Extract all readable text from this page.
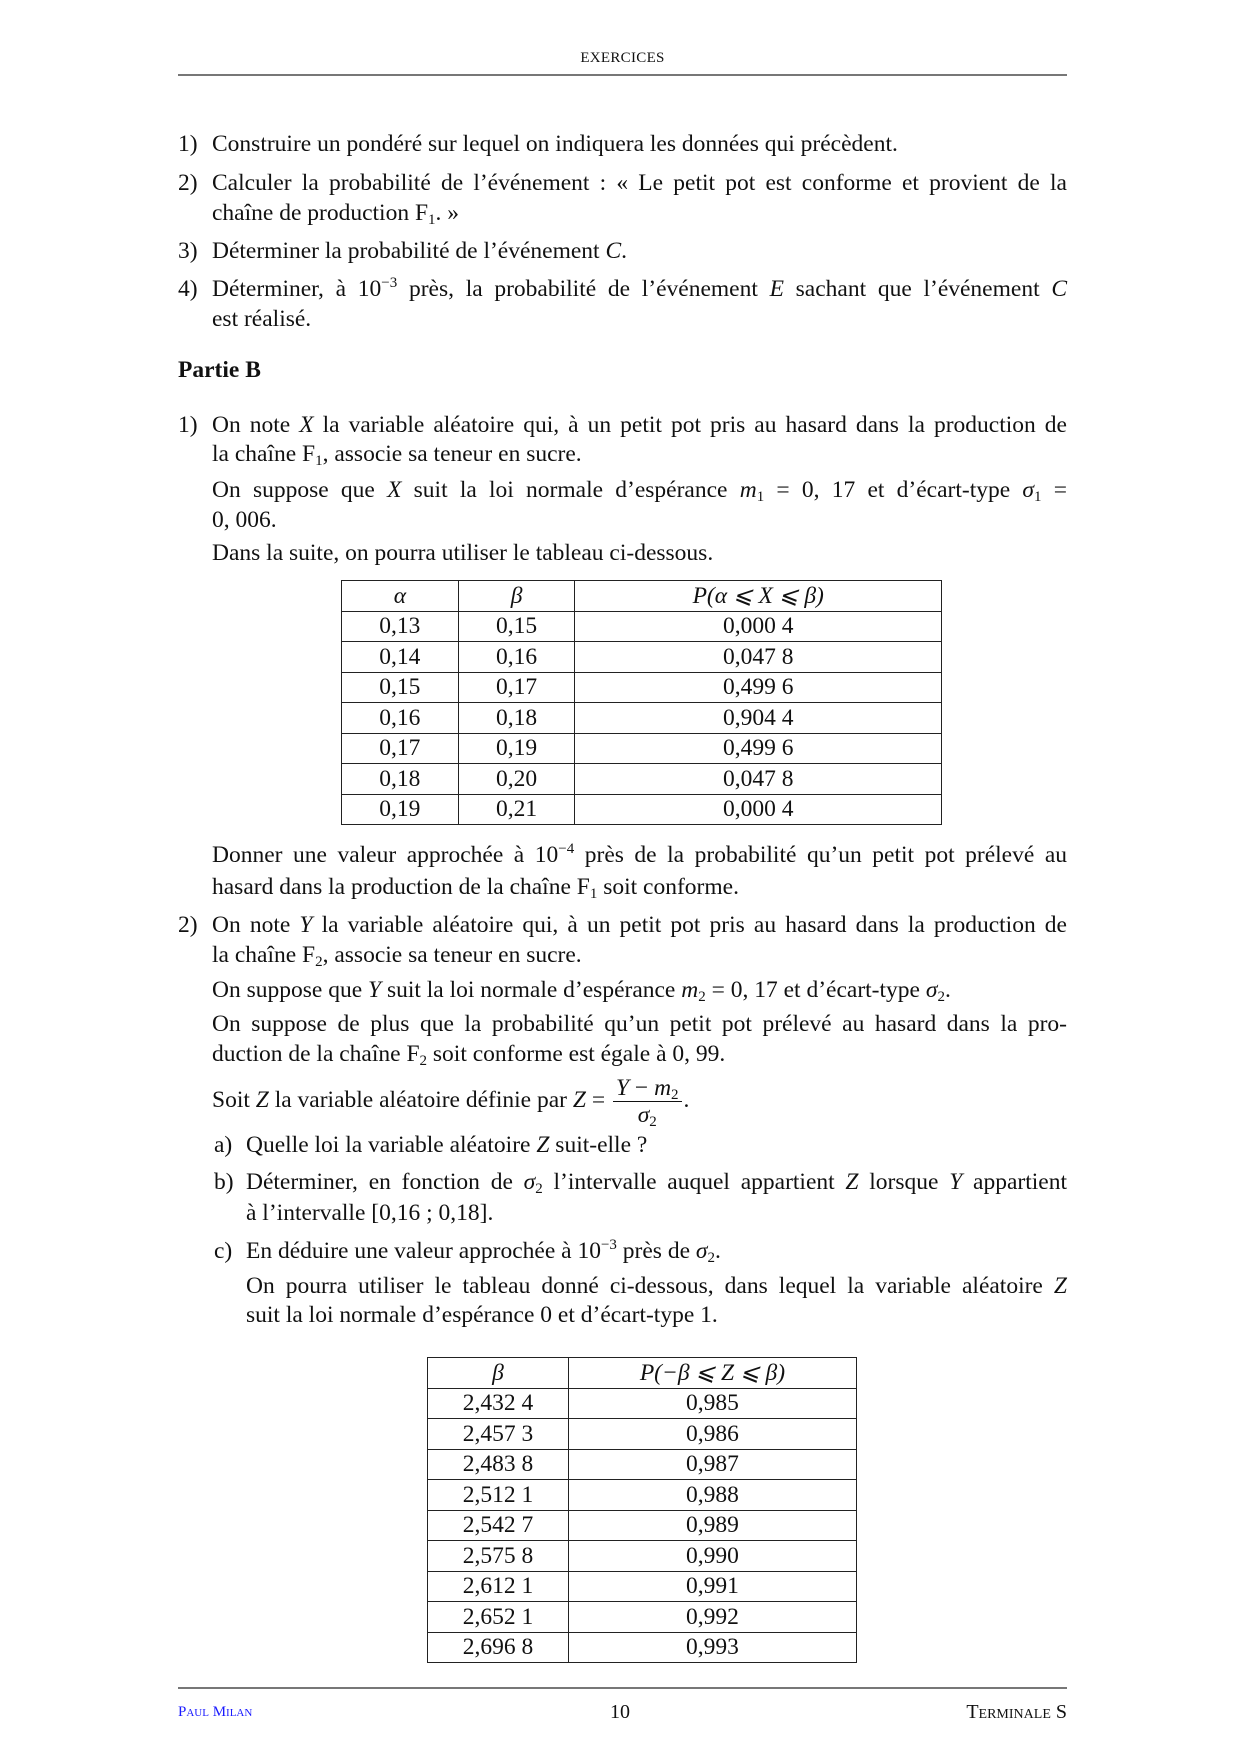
EXERCICES
1) Construire un pondéré sur lequel on indiquera les données qui précèdent.
2) Calculer la probabilité de l’événement : « Le petit pot est conforme et provient de la
chaîne de production $F_1$. »
3) Déterminer la probabilité de l’événement C.
4) Déterminer, à $10^{-3}$ près, la probabilité de l’événement E sachant que l’événement C
est réalisé.
Partie B
1) On note X la variable aléatoire qui, à un petit pot pris au hasard dans la production de
la chaîne $F_1$, associe sa teneur en sucre.
On suppose que X suit la loi normale d’espérance $m_1 = 0$, 17 et d’écart-type $\sigma_1$ =
0, 006.
Dans la suite, on pourra utiliser le tableau ci-dessous.
α	β	P(α ⩽ X ⩽ β)
0,13	0,15	0,000 4
0,14	0,16	0,047 8
0,15	0,17	0,499 6
0,16	0,18	0,904 4
0,17	0,19	0,499 6
0,18	0,20	0,047 8
0,19	0,21	0,000 4
Donner une valeur approchée à $10^{-4}$ près de la probabilité qu’un petit pot prélevé au
hasard dans la production de la chaîne $F_1$ soit conforme.
2) On note Y la variable aléatoire qui, à un petit pot pris au hasard dans la production de
la chaîne $F_2$, associe sa teneur en sucre.
On suppose que Y suit la loi normale d’espérance $m_2 = 0$, 17 et d’écart-type $\sigma_2$.
On suppose de plus que la probabilité qu’un petit pot prélevé au hasard dans la pro-
duction de la chaîne $F_2$ soit conforme est égale à 0, 99.
Soit Z la variable aléatoire définie par $Z = \frac{Y - m_2}{\sigma_2}$ .
a) Quelle loi la variable aléatoire Z suit-elle ?
b) Déterminer, en fonction de $\sigma_2$ l’intervalle auquel appartient Z lorsque Y appartient
à l’intervalle [0,16 ; 0,18].
c) En déduire une valeur approchée à $10^{-3}$ près de $\sigma_2$.
On pourra utiliser le tableau donné ci-dessous, dans lequel la variable aléatoire Z
suit la loi normale d’espérance 0 et d’écart-type 1.
β	P(−β ⩽ Z ⩽ β)
2,432 4	0,985
2,457 3	0,986
2,483 8	0,987
2,512 1	0,988
2,542 7	0,989
2,575 8	0,990
2,612 1	0,991
2,652 1	0,992
2,696 8	0,993
Paul Milan	10	Terminale S
